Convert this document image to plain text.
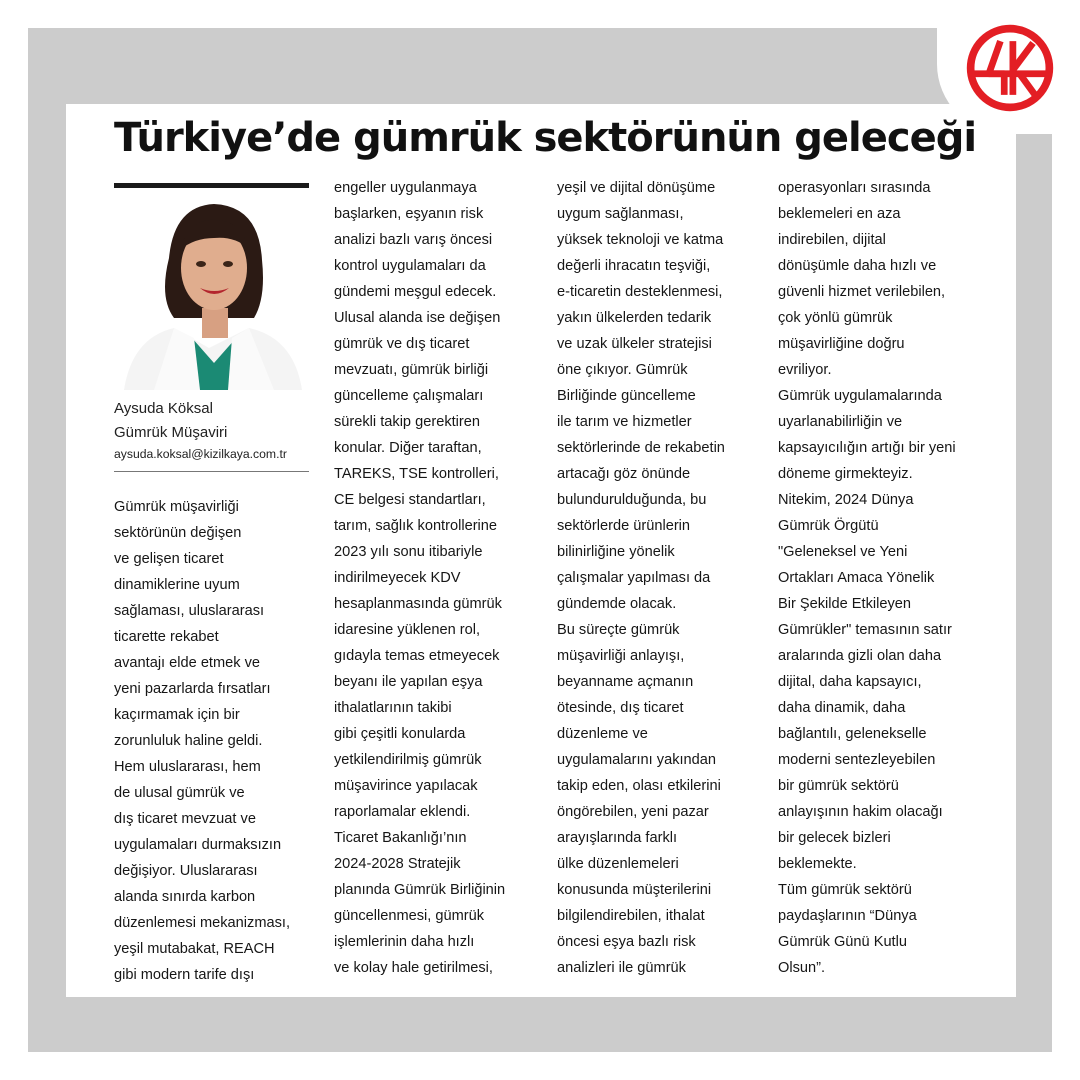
Türkiye’de gümrük sektörünün geleceği
Aysuda Köksal
Gümrük Müşaviri
aysuda.koksal@kizilkaya.com.tr
Gümrük müşavirliği
sektörünün değişen
ve gelişen ticaret
dinamiklerine uyum
sağlaması, uluslararası
ticarette rekabet
avantajı elde etmek ve
yeni pazarlarda fırsatları
kaçırmamak için bir
zorunluluk haline geldi.
Hem uluslararası, hem
de ulusal gümrük ve
dış ticaret mevzuat ve
uygulamaları durmaksızın
değişiyor. Uluslararası
alanda sınırda karbon
düzenlemesi mekanizması,
yeşil mutabakat, REACH
gibi modern tarife dışı
engeller uygulanmaya
başlarken, eşyanın risk
analizi bazlı varış öncesi
kontrol uygulamaları da
gündemi meşgul edecek.
Ulusal alanda ise değişen
gümrük ve dış ticaret
mevzuatı, gümrük birliği
güncelleme çalışmaları
sürekli takip gerektiren
konular. Diğer taraftan,
TAREKS, TSE kontrolleri,
CE belgesi standartları,
tarım, sağlık kontrollerine
2023 yılı sonu itibariyle
indirilmeyecek KDV
hesaplanmasında gümrük
idaresine yüklenen rol,
gıdayla temas etmeyecek
beyanı ile yapılan eşya
ithalatlarının takibi
gibi çeşitli konularda
yetkilendirilmiş gümrük
müşavirince yapılacak
raporlamalar eklendi.
Ticaret Bakanlığı’nın
2024-2028 Stratejik
planında Gümrük Birliğinin
güncellenmesi, gümrük
işlemlerinin daha hızlı
ve kolay hale getirilmesi,
yeşil ve dijital dönüşüme
uygum sağlanması,
yüksek teknoloji ve katma
değerli ihracatın teşviği,
e-ticaretin desteklenmesi,
yakın ülkelerden tedarik
ve uzak ülkeler stratejisi
öne çıkıyor. Gümrük
Birliğinde güncelleme
ile tarım ve hizmetler
sektörlerinde de rekabetin
artacağı göz önünde
bulundurulduğunda, bu
sektörlerde ürünlerin
bilinirliğine yönelik
çalışmalar yapılması da
gündemde olacak.
Bu süreçte gümrük
müşavirliği anlayışı,
beyanname açmanın
ötesinde, dış ticaret
düzenleme ve
uygulamalarını yakından
takip eden, olası etkilerini
öngörebilen, yeni pazar
arayışlarında farklı
ülke düzenlemeleri
konusunda müşterilerini
bilgilendirebilen, ithalat
öncesi eşya bazlı risk
analizleri ile gümrük
operasyonları sırasında
beklemeleri en aza
indirebilen, dijital
dönüşümle daha hızlı ve
güvenli hizmet verilebilen,
çok yönlü gümrük
müşavirliğine doğru
evriliyor.
Gümrük uygulamalarında
uyarlanabilirliğin ve
kapsayıcılığın artığı bir yeni
döneme girmekteyiz.
Nitekim, 2024 Dünya
Gümrük Örgütü
"Geleneksel ve Yeni
Ortakları Amaca Yönelik
Bir Şekilde Etkileyen
Gümrükler" temasının satır
aralarında gizli olan daha
dijital, daha kapsayıcı,
daha dinamik, daha
bağlantılı, gelenekselle
moderni sentezleyebilen
bir gümrük sektörü
anlayışının hakim olacağı
bir gelecek bizleri
beklemekte.
Tüm gümrük sektörü
paydaşlarının “Dünya
Gümrük Günü Kutlu
Olsun”.
